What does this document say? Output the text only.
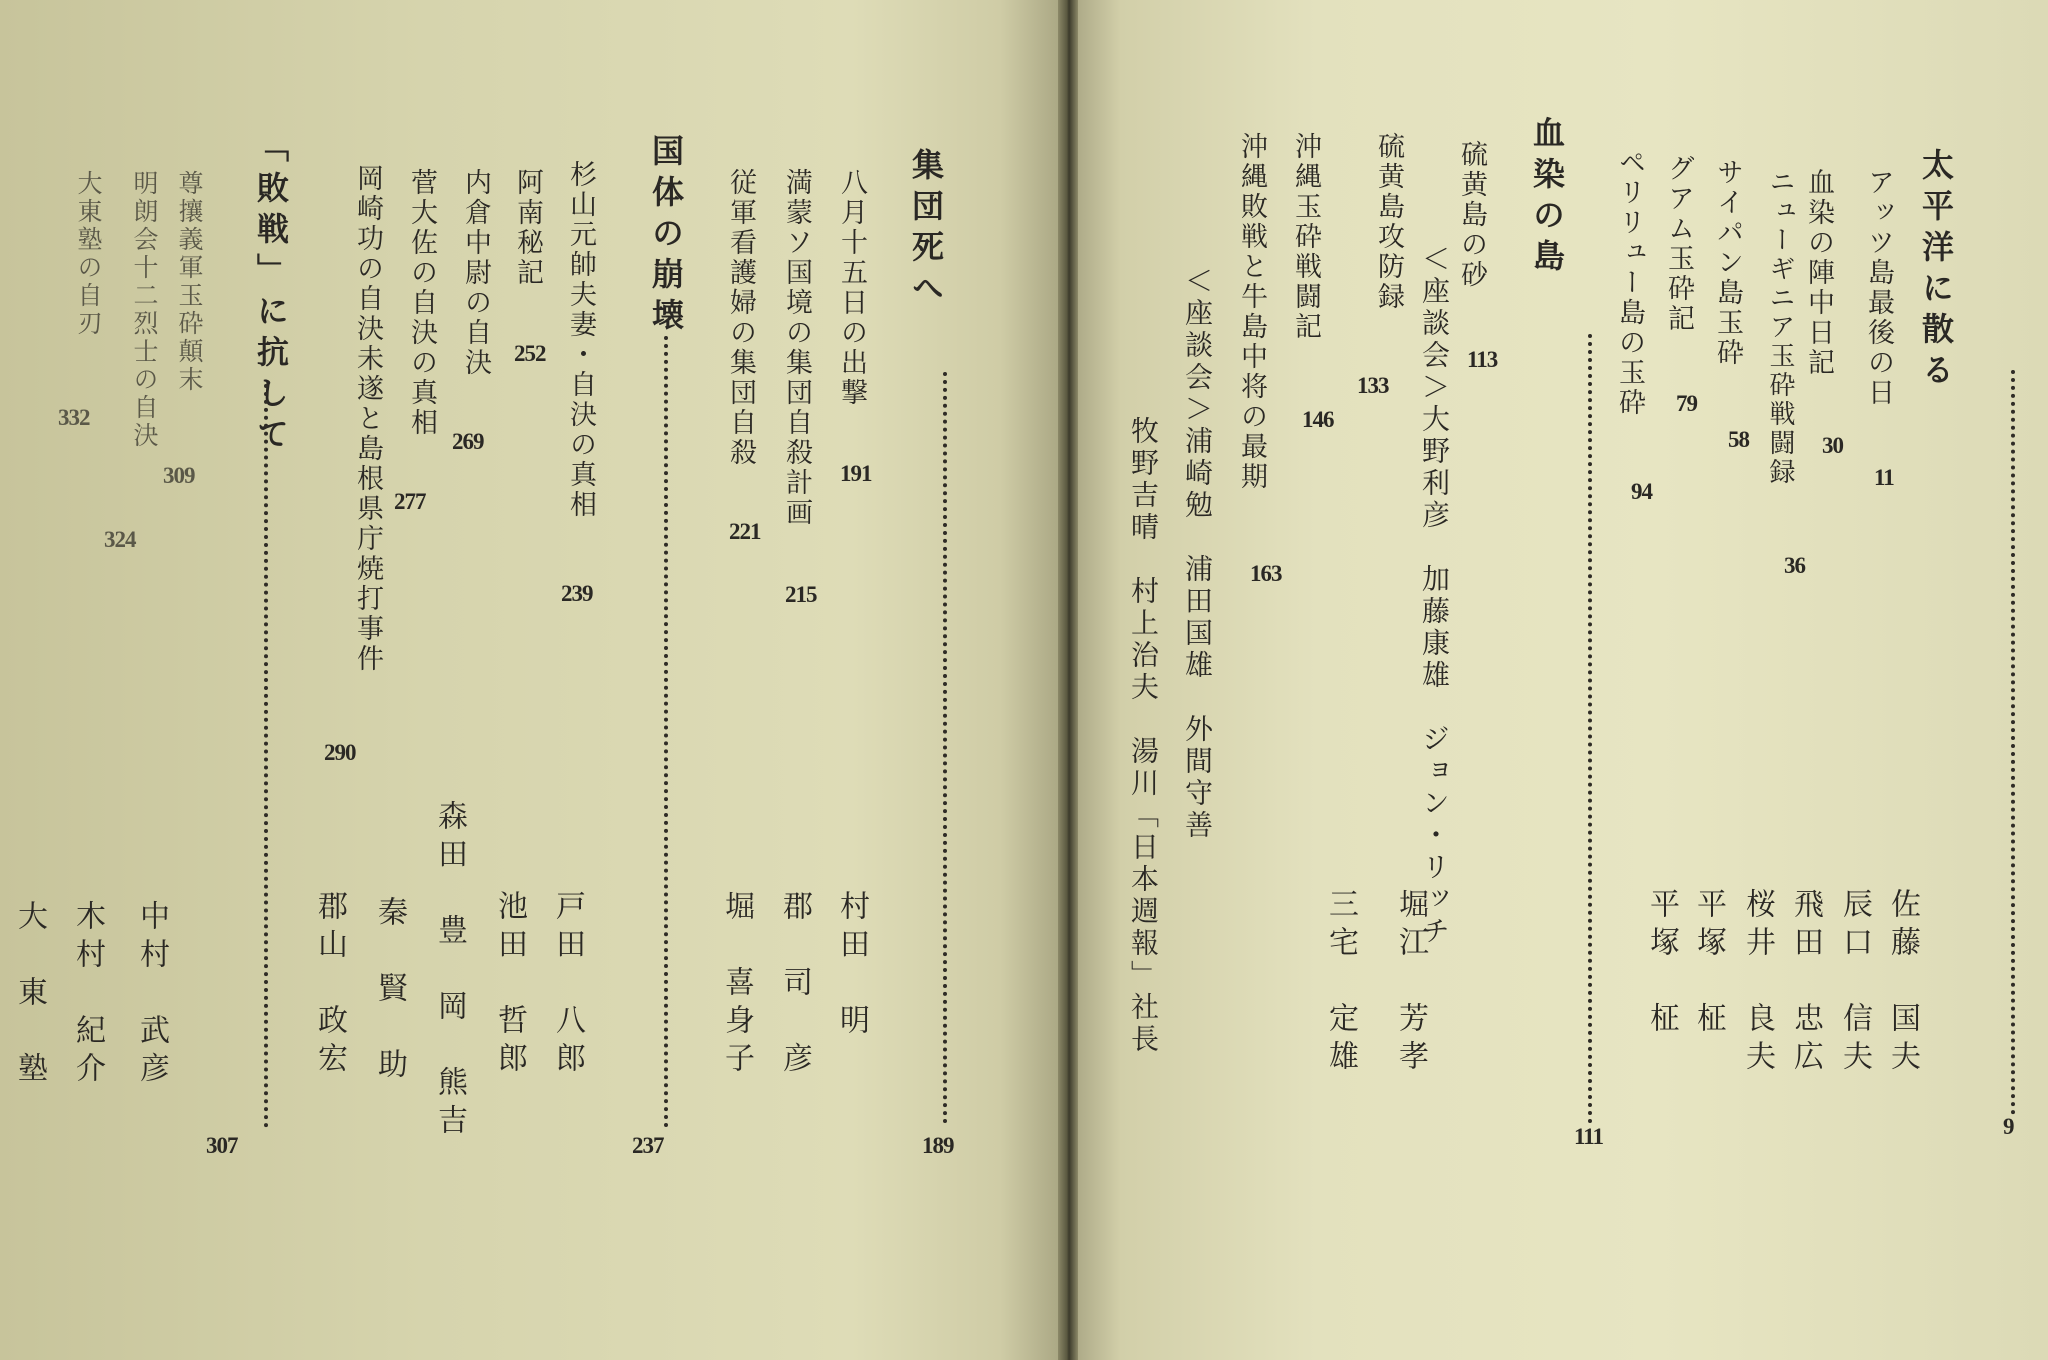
太平洋に散る
9
アッツ島最後の日
11
佐藤　国夫
血染の陣中日記
30
辰口　信夫
ニューギニア玉砕戦闘録
36
飛田　忠広
サイパン島玉砕
58
桜井　良夫
グアム玉砕記
79
平塚　柾
ペリリュー島の玉砕
94
平塚　柾
血染の島
111
硫黄島の砂
113
＜座談会＞大野利彦　加藤康雄　ジョン・リッチ
硫黄島攻防録
133
堀江　芳孝
沖縄玉砕戦闘記
146
三宅　定雄
沖縄敗戦と牛島中将の最期
163
＜座談会＞浦崎勉　浦田国雄　外間守善
牧野吉晴　村上治夫　湯川「日本週報」社長
集団死へ
189
八月十五日の出撃
191
村田　明
満蒙ソ国境の集団自殺計画
215
郡　司　彦
従軍看護婦の集団自殺
221
堀　喜身子
国体の崩壊
237
杉山元帥夫妻・自決の真相
239
戸田　八郎
阿南秘記
252
池田　哲郎
内倉中尉の自決
269
森田　豊　岡　熊吉
菅大佐の自決の真相
277
秦　賢　助
岡崎功の自決未遂と島根県庁焼打事件
290
郡山　政宏
「敗戦」に抗して
307
尊攘義軍玉砕顛末
309
中村　武彦
明朗会十二烈士の自決
324
木村　紀介
大東塾の自刃
332
大　東　塾
